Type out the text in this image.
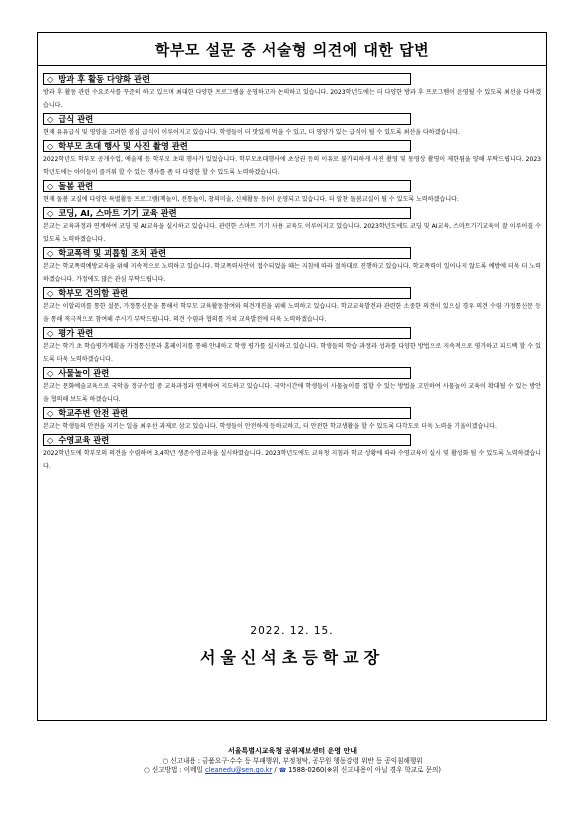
학부모 설문 중 서술형 의견에 대한 답변
◇ 방과 후 활동 다양화 관련
방과 후 활동 관련 수요조사를 꾸준히 하고 있으며 최대한 다양한 프로그램을 운영하고자 논의하고 있습니다. 2023학년도에는 더 다양한 방과 후 프로그램이 운영될 수 있도록 최선을 다하겠습니다.
◇ 급식 관련
현재 유유급식 및 영양을 고려한 점심 급식이 이루어지고 있습니다. 학생들이 더 맛있게 먹을 수 있고, 더 영양가 있는 급식이 될 수 있도록 최선을 다하겠습니다.
◇ 학부모 초대 행사 및 사진 촬영 관련
2022학년도 학부모 공개수업, 예술제 등 학부모 초대 행사가 있었습니다. 학부모초대행사에 초상권 등의 이유로 불가피하게 사진 촬영 및 동영상 촬영이 제한됨을 양해 부탁드립니다. 2023학년도에는 아이들이 즐거워 할 수 있는 행사를 좀 더 다양한 할 수 있도록 노력하겠습니다.
◇ 돌봄 관련
현재 돌봄 교실에 다양한 특별활동 프로그램(책놀이, 전통놀이, 창의미술, 신체활동 등)이 운영되고 있습니다. 더 알찬 돌봄교실이 될 수 있도록 노력하겠습니다.
◇ 코딩, AI, 스마트 기기 교육 관련
본교는 교육과정과 연계하여 코딩 및 AI교육을 실시하고 있습니다. 관련한 스마트 기기 사용 교육도 이루어지고 있습니다. 2023학년도에도 코딩 및 AI교육, 스마트기기교육이 잘 이루어질 수 있도록 노력하겠습니다.
◇ 학교폭력 및 괴롭힘 조치 관련
본교는 학교폭력예방교육을 위해 지속적으로 노력하고 있습니다. 학교폭력사안이 접수되었을 때는 지침에 따라 절차대로 진행하고 있습니다. 학교폭력이 일어나지 않도록 예방에 더욱 더 노력하겠습니다. 가정에도 많은 관심 부탁드립니다.
◇ 학부모 건의함 관련
본교는 이알리미를 통한 설문, 가정통신문을 통해서 학부모 교육활동참여와 의견개진을 위해 노력하고 있습니다. 학교교육발전과 관련한 소중한 의견이 있으실 경우 의견 수렴 가정통신문 등을 통해 적극적으로 참여해 주시기 부탁드립니다. 의견 수렴과 협의를 거쳐 교육발전에 더욱 노력하겠습니다.
◇ 평가 관련
본교는 학기 초 학습평가계획을 가정통신문과 홈페이지를 통해 안내하고 학생 평가를 실시하고 있습니다. 학생들의 학습 과정과 성과를 다양한 방법으로 지속적으로 평가하고 피드백 할 수 있도록 더욱 노력하겠습니다.
◇ 사물놀이 관련
본교는 문화예술교육으로 국악을 정규수업 중 교육과정과 연계하여 지도하고 있습니다. 국악시간에 학생들이 사물놀이를 접할 수 있는 방법을 고민하여 사물놀이 교육이 확대될 수 있는 방안을 협의해 보도록 하겠습니다.
◇ 학교주변 안전 관련
본교는 학생들의 안전을 지키는 일을 최우선 과제로 삼고 있습니다. 학생들이 안전하게 등하교하고, 더 안전한 학교생활을 할 수 있도록 다각도로 더욱 노력을 기울이겠습니다.
◇ 수영교육 관련
2022학년도에 학부모의 의견을 수렴하여 3,4학년 생존수영교육을 실시하였습니다. 2023학년도에도 교육청 지침과 학교 상황에 따라 수영교육이 실시 및 활성화 될 수 있도록 노력하겠습니다.
2022. 12. 15.
서울신석초등학교장
서울특별시교육청 공위제보센터 운영 안내
○ 신고내용 : 금품요구·수수 등 부패행위, 부정청탁, 공무원 행동강령 위반 등 공익침해행위
○ 신고방법 : 이메일 cleanedu@sen.go.kr / ☎ 1588-0260(※위 신고내용이 아닐 경우 학교로 문의)
